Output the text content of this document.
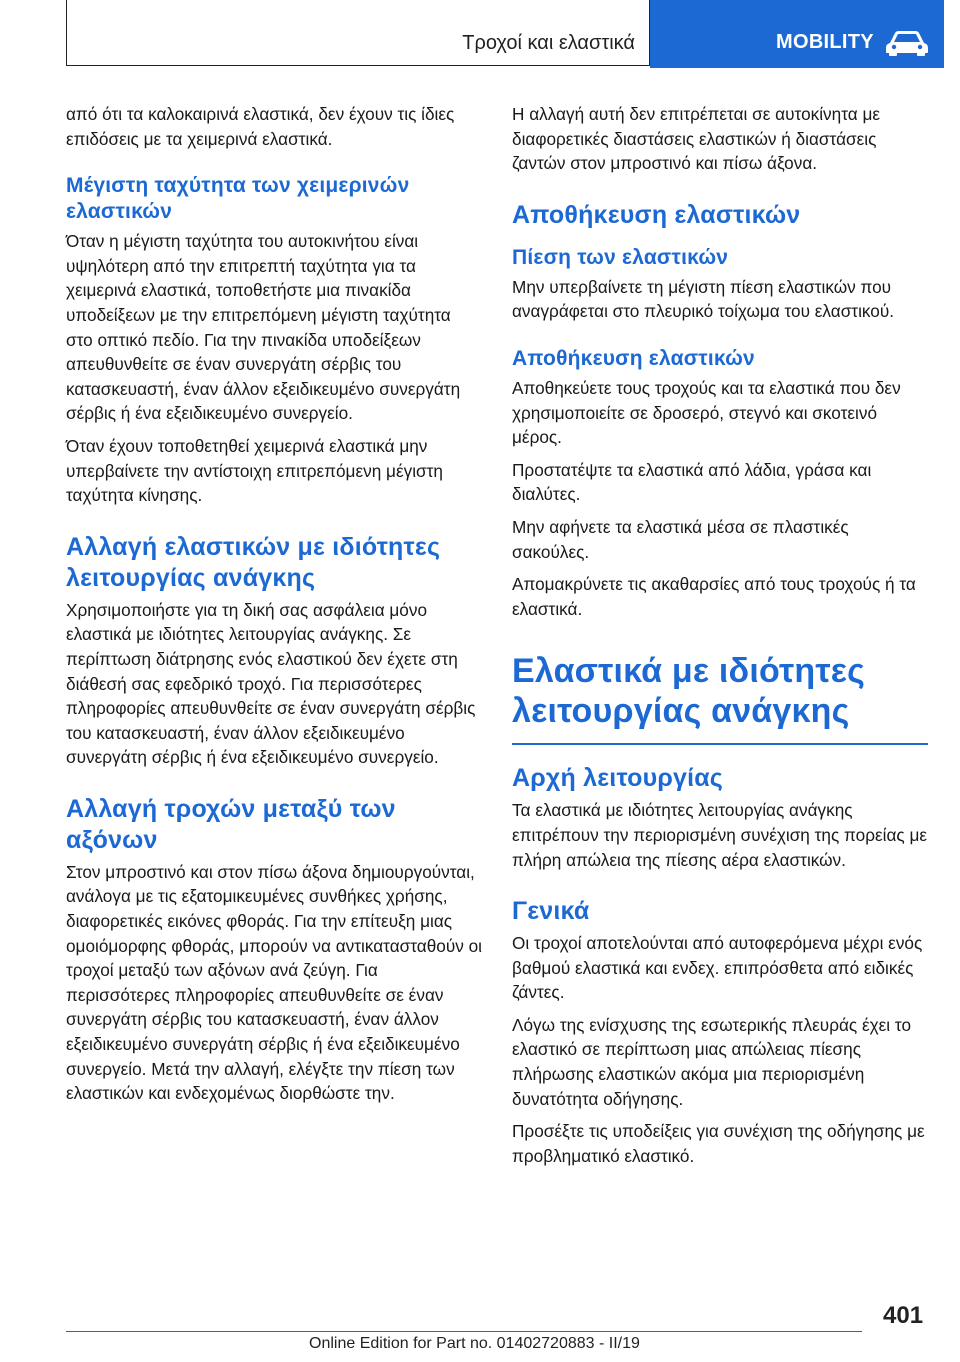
Τροχοί και ελαστικά	MOBILITY

από ότι τα καλοκαιρινά ελαστικά, δεν έχουν τις ίδιες επιδόσεις με τα χειμερινά ελαστικά.

Μέγιστη ταχύτητα των χειμερινών ελαστικών

Όταν η μέγιστη ταχύτητα του αυτοκινήτου είναι υψηλότερη από την επιτρεπτή ταχύτητα για τα χειμερινά ελαστικά, τοποθετήστε μια πινακίδα υποδείξεων με την επιτρεπόμενη μέγιστη ταχύτητα στο οπτικό πεδίο. Για την πινακίδα υποδείξεων απευθυνθείτε σε έναν συνεργάτη σέρβις του κατασκευαστή, έναν άλλον εξειδικευμένο συνεργάτη σέρβις ή ένα εξειδικευμένο συνεργείο.

Όταν έχουν τοποθετηθεί χειμερινά ελαστικά μην υπερβαίνετε την αντίστοιχη επιτρεπόμενη μέγιστη ταχύτητα κίνησης.

Αλλαγή ελαστικών με ιδιότητες λειτουργίας ανάγκης

Χρησιμοποιήστε για τη δική σας ασφάλεια μόνο ελαστικά με ιδιότητες λειτουργίας ανάγκης. Σε περίπτωση διάτρησης ενός ελαστικού δεν έχετε στη διάθεσή σας εφεδρικό τροχό. Για περισσότερες πληροφορίες απευθυνθείτε σε έναν συνεργάτη σέρβις του κατασκευαστή, έναν άλλον εξειδικευμένο συνεργάτη σέρβις ή ένα εξειδικευμένο συνεργείο.

Αλλαγή τροχών μεταξύ των αξόνων

Στον μπροστινό και στον πίσω άξονα δημιουργούνται, ανάλογα με τις εξατομικευμένες συνθήκες χρήσης, διαφορετικές εικόνες φθοράς. Για την επίτευξη μιας ομοιόμορφης φθοράς, μπορούν να αντικατασταθούν οι τροχοί μεταξύ των αξόνων ανά ζεύγη. Για περισσότερες πληροφορίες απευθυνθείτε σε έναν συνεργάτη σέρβις του κατασκευαστή, έναν άλλον εξειδικευμένο συνεργάτη σέρβις ή ένα εξειδικευμένο συνεργείο. Μετά την αλλαγή, ελέγξτε την πίεση των ελαστικών και ενδεχομένως διορθώστε την.

Η αλλαγή αυτή δεν επιτρέπεται σε αυτοκίνητα με διαφορετικές διαστάσεις ελαστικών ή διαστάσεις ζαντών στον μπροστινό και πίσω άξονα.

Αποθήκευση ελαστικών
Πίεση των ελαστικών

Μην υπερβαίνετε τη μέγιστη πίεση ελαστικών που αναγράφεται στο πλευρικό τοίχωμα του ελαστικού.

Αποθήκευση ελαστικών

Αποθηκεύετε τους τροχούς και τα ελαστικά που δεν χρησιμοποιείτε σε δροσερό, στεγνό και σκοτεινό μέρος.

Προστατέψτε τα ελαστικά από λάδια, γράσα και διαλύτες.

Μην αφήνετε τα ελαστικά μέσα σε πλαστικές σακούλες.

Απομακρύνετε τις ακαθαρσίες από τους τροχούς ή τα ελαστικά.

Ελαστικά με ιδιότητες λειτουργίας ανάγκης
Αρχή λειτουργίας

Τα ελαστικά με ιδιότητες λειτουργίας ανάγκης επιτρέπουν την περιορισμένη συνέχιση της πορείας με πλήρη απώλεια της πίεσης αέρα ελαστικών.

Γενικά

Οι τροχοί αποτελούνται από αυτοφερόμενα μέχρι ενός βαθμού ελαστικά και ενδεχ. επιπρόσθετα από ειδικές ζάντες.

Λόγω της ενίσχυσης της εσωτερικής πλευράς έχει το ελαστικό σε περίπτωση μιας απώλειας πίεσης πλήρωσης ελαστικών ακόμα μια περιορισμένη δυνατότητα οδήγησης.

Προσέξτε τις υποδείξεις για συνέχιση της οδήγησης με προβληματικό ελαστικό.

401
Online Edition for Part no. 01402720883 - II/19
